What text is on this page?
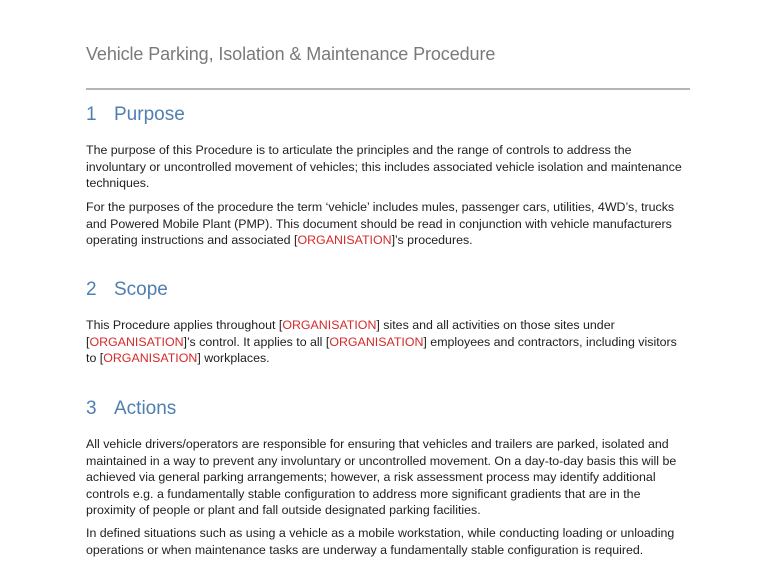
Vehicle Parking, Isolation & Maintenance Procedure
1 Purpose

The purpose of this Procedure is to articulate the principles and the range of controls to address the involuntary or uncontrolled movement of vehicles; this includes associated vehicle isolation and maintenance techniques.

For the purposes of the procedure the term ‘vehicle’ includes mules, passenger cars, utilities, 4WD’s, trucks and Powered Mobile Plant (PMP). This document should be read in conjunction with vehicle manufacturers operating instructions and associated [ORGANISATION]’s procedures.

2 Scope

This Procedure applies throughout [ORGANISATION] sites and all activities on those sites under [ORGANISATION]’s control. It applies to all [ORGANISATION] employees and contractors, including visitors to [ORGANISATION] workplaces.

3 Actions

All vehicle drivers/operators are responsible for ensuring that vehicles and trailers are parked, isolated and maintained in a way to prevent any involuntary or uncontrolled movement. On a day-to-day basis this will be achieved via general parking arrangements; however, a risk assessment process may identify additional controls e.g. a fundamentally stable configuration to address more significant gradients that are in the proximity of people or plant and fall outside designated parking facilities.

In defined situations such as using a vehicle as a mobile workstation, while conducting loading or unloading operations or when maintenance tasks are underway a fundamentally stable configuration is required.
